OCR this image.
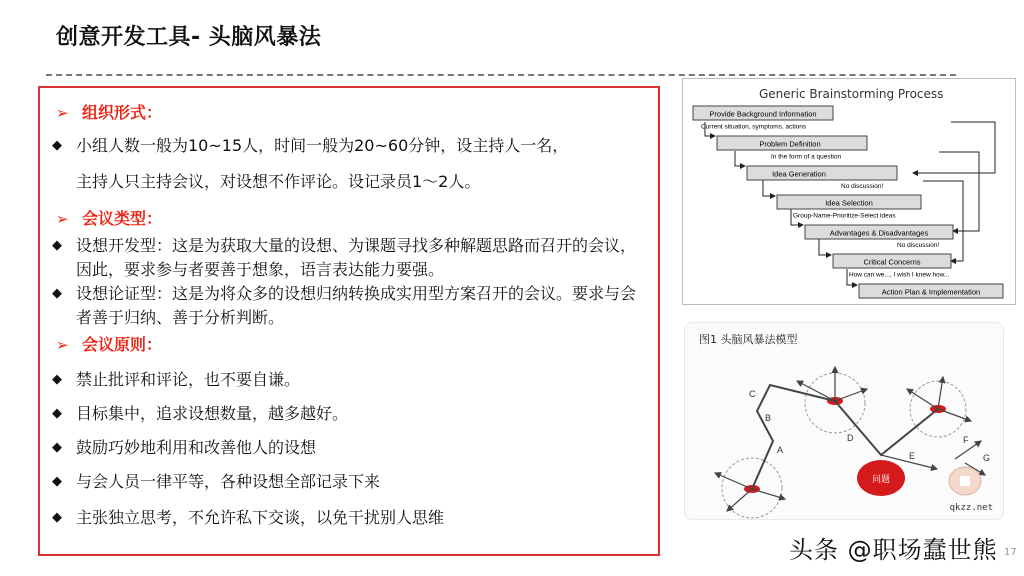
创意开发工具- 头脑风暴法
➢ 组织形式：
◆ 小组人数一般为10~15人，时间一般为20~60分钟，设主持人一名，
主持人只主持会议，对设想不作评论。设记录员1～2人。
➢ 会议类型：
◆ 设想开发型：这是为获取大量的设想、为课题寻找多种解题思路而召开的会议，因此，要求参与者要善于想象，语言表达能力要强。
◆ 设想论证型：这是为将众多的设想归纳转换成实用型方案召开的会议。要求与会者善于归纳、善于分析判断。
➢ 会议原则：
◆ 禁止批评和评论，也不要自谦。
◆ 目标集中，追求设想数量，越多越好。
◆ 鼓励巧妙地利用和改善他人的设想
◆ 与会人员一律平等，各种设想全部记录下来
◆ 主张独立思考，不允许私下交谈，以免干扰别人思维
Generic Brainstorming Process
Provide Background Information
Current situation, symptoms, actions
Problem Definition
In the form of a question
Idea Generation
No discussion!
Idea Selection
Group-Name-Prioritize-Select ideas
Advantages & Disadvantages
No discussion!
Critical Concerns
How can we..., I wish I knew how...
Action Plan & Implementation
图1 头脑风暴法模型
问题
C
B
A
D
E
F
G
qkzz.net
头条 @职场蠢世熊 17
